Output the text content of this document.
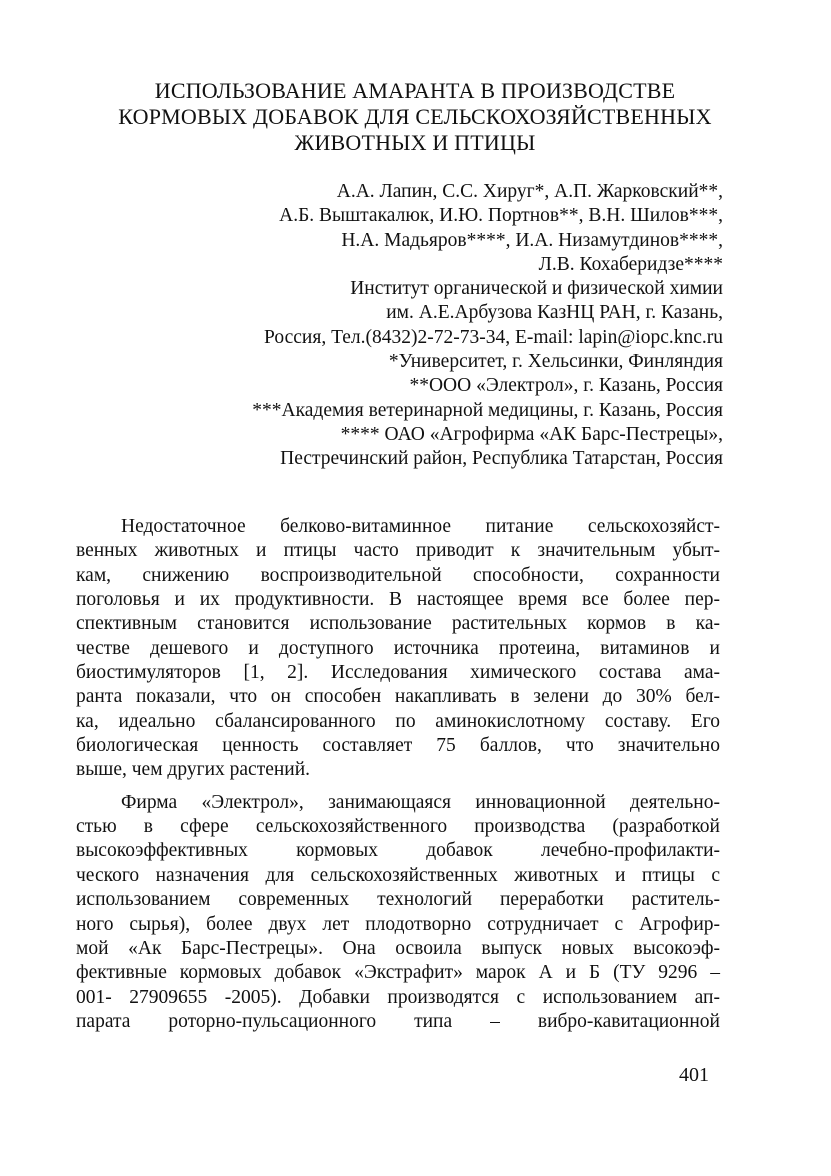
ИСПОЛЬЗОВАНИЕ АМАРАНТА В ПРОИЗВОДСТВЕ
КОРМОВЫХ ДОБАВОК ДЛЯ СЕЛЬСКОХОЗЯЙСТВЕННЫХ
ЖИВОТНЫХ И ПТИЦЫ
А.А. Лапин, С.С. Хируг*, А.П. Жарковский**,
А.Б. Выштакалюк, И.Ю. Портнов**, В.Н. Шилов***,
Н.А. Мадьяров****, И.А. Низамутдинов****,
Л.В. Кохаберидзе****
Институт органической и физической химии
им. А.Е.Арбузова КазНЦ РАН, г. Казань,
Россия, Тел.(8432)2-72-73-34, E-mail: lapin@iopc.knc.ru
*Университет, г. Хельсинки, Финляндия
**ООО «Электрол», г. Казань, Россия
***Академия ветеринарной медицины, г. Казань, Россия
**** ОАО «Агрофирма «АК Барс-Пестрецы»,
Пестречинский район, Республика Татарстан, Россия
Недостаточное белково-витаминное питание сельскохозяйст-
венных животных и птицы часто приводит к значительным убыт-
кам, снижению воспроизводительной способности, сохранности
поголовья и их продуктивности. В настоящее время все более пер-
спективным становится использование растительных кормов в ка-
честве дешевого и доступного источника протеина, витаминов и
биостимуляторов [1, 2]. Исследования химического состава ама-
ранта показали, что он способен накапливать в зелени до 30% бел-
ка, идеально сбалансированного по аминокислотному составу. Его
биологическая ценность составляет 75 баллов, что значительно
выше, чем других растений.
Фирма «Электрол», занимающаяся инновационной деятельно-
стью в сфере сельскохозяйственного производства (разработкой
высокоэффективных кормовых добавок лечебно-профилакти-
ческого назначения для сельскохозяйственных животных и птицы с
использованием современных технологий переработки раститель-
ного сырья), более двух лет плодотворно сотрудничает с Агрофир-
мой «Ак Барс-Пестрецы». Она освоила выпуск новых высокоэф-
фективные кормовых добавок «Экстрафит» марок А и Б (ТУ 9296 –
001- 27909655 -2005). Добавки производятся с использованием ап-
парата роторно-пульсационного типа – вибро-кавитационной
401
